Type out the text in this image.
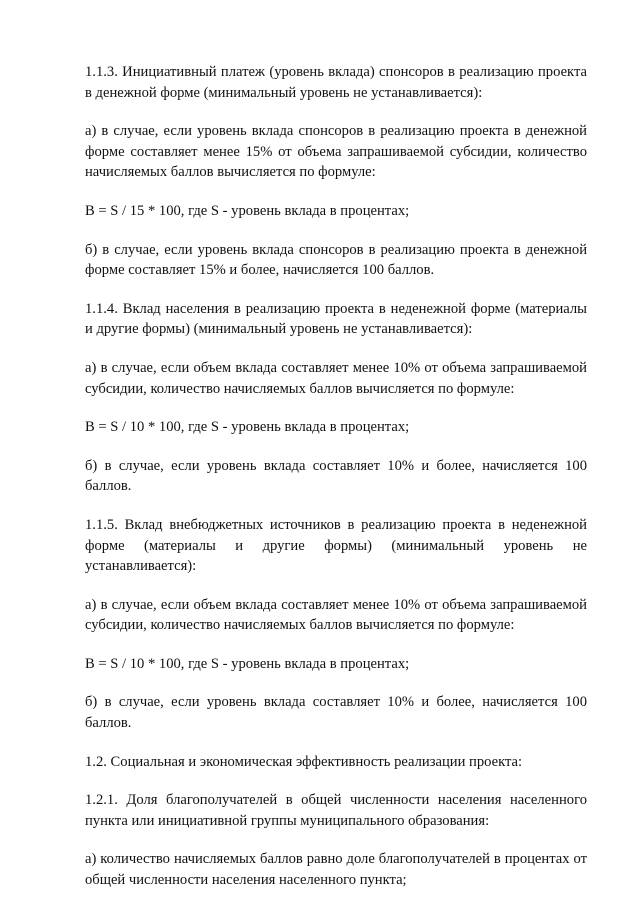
1.1.3. Инициативный платеж (уровень вклада) спонсоров в реализацию проекта в денежной форме (минимальный уровень не устанавливается):

а) в случае, если уровень вклада спонсоров в реализацию проекта в денежной форме составляет менее 15% от объема запрашиваемой субсидии, количество начисляемых баллов вычисляется по формуле:

B = S / 15 * 100, где S - уровень вклада в процентах;

б) в случае, если уровень вклада спонсоров в реализацию проекта в денежной форме составляет 15% и более, начисляется 100 баллов.

1.1.4. Вклад населения в реализацию проекта в неденежной форме (материалы и другие формы) (минимальный уровень не устанавливается):

а) в случае, если объем вклада составляет менее 10% от объема запрашиваемой субсидии, количество начисляемых баллов вычисляется по формуле:

B = S / 10 * 100, где S - уровень вклада в процентах;

б) в случае, если уровень вклада составляет 10% и более, начисляется 100 баллов.

1.1.5. Вклад внебюджетных источников в реализацию проекта в неденежной форме (материалы и другие формы) (минимальный уровень не устанавливается):

а) в случае, если объем вклада составляет менее 10% от объема запрашиваемой субсидии, количество начисляемых баллов вычисляется по формуле:

B = S / 10 * 100, где S - уровень вклада в процентах;

б) в случае, если уровень вклада составляет 10% и более, начисляется 100 баллов.

1.2. Социальная и экономическая эффективность реализации проекта:

1.2.1. Доля благополучателей в общей численности населения населенного пункта или инициативной группы муниципального образования:

а) количество начисляемых баллов равно доле благополучателей в процентах от общей численности населения населенного пункта;
